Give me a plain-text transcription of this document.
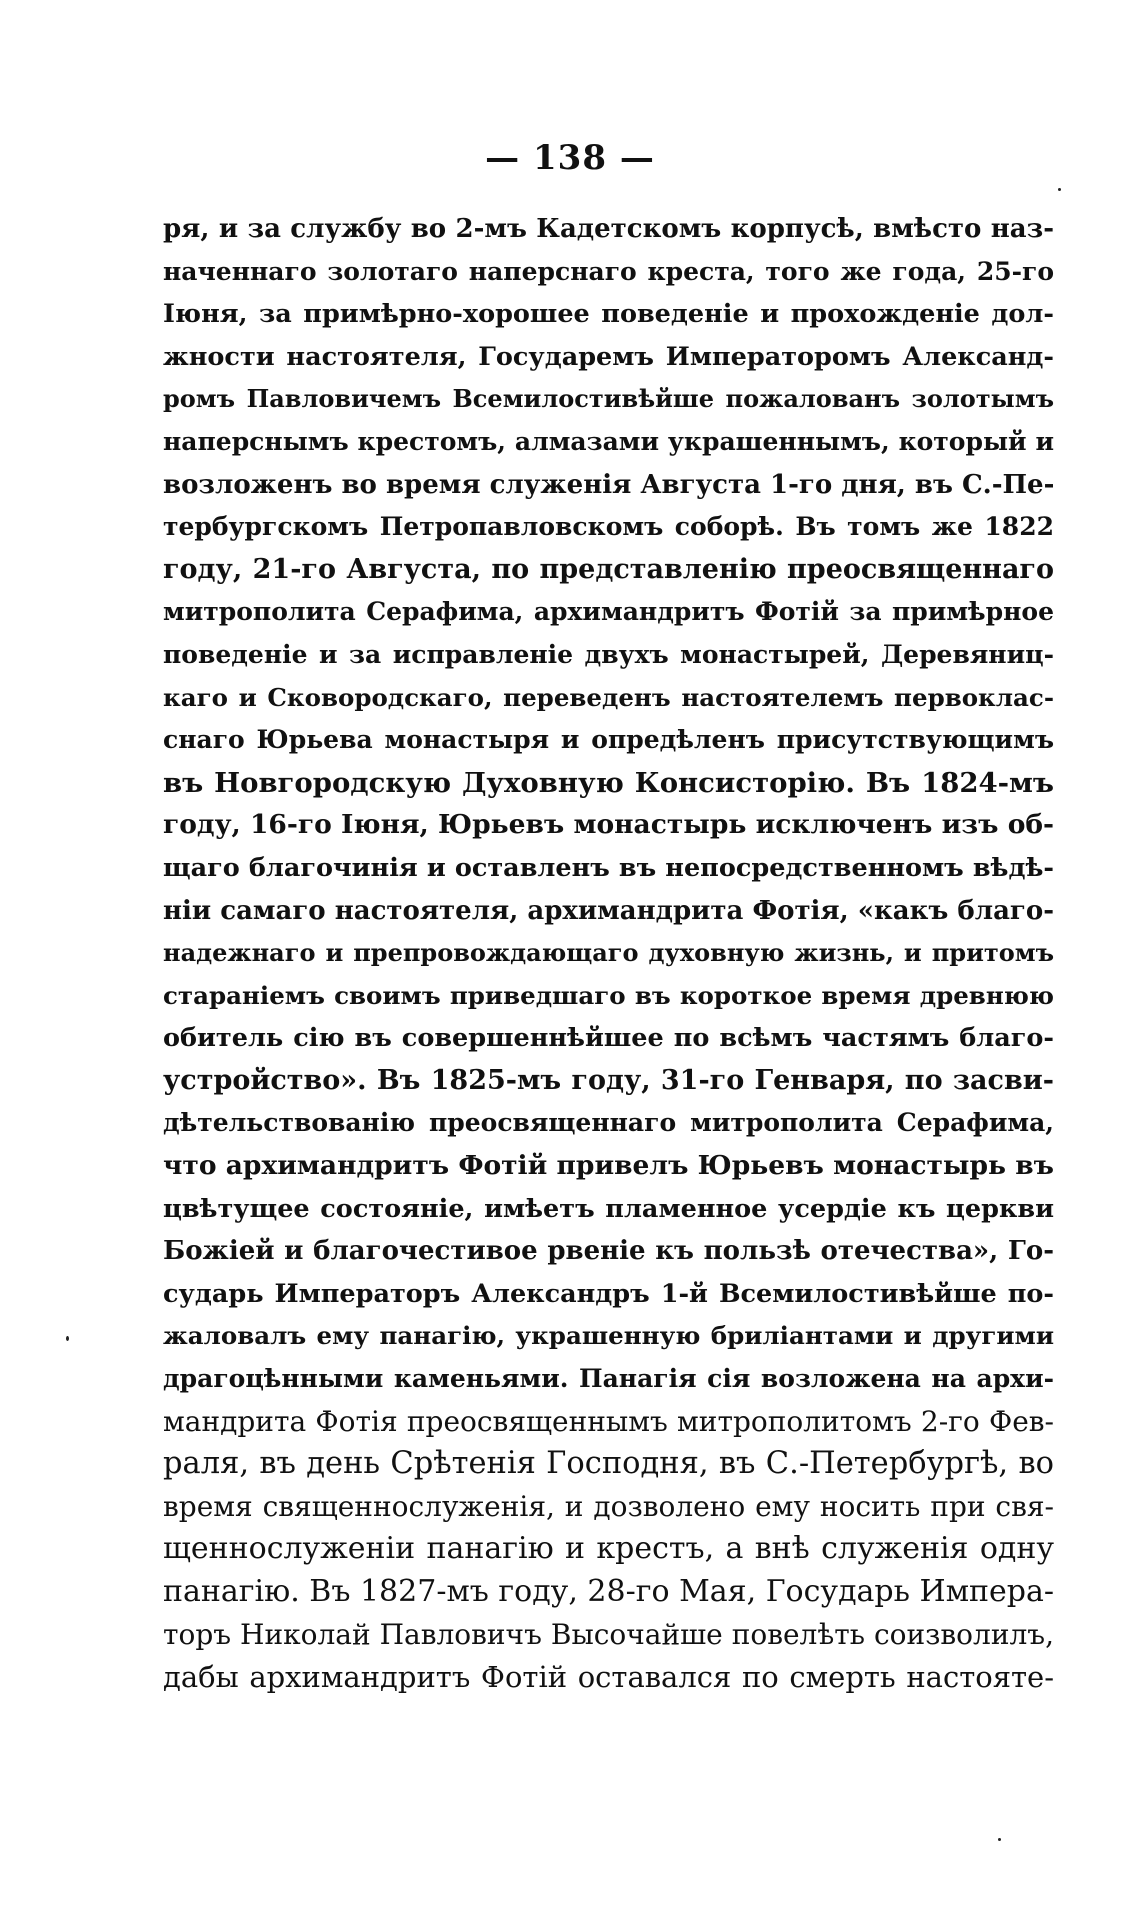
— 138 —
ря, и за службу во 2-мъ Кадетскомъ корпусѣ, вмѣсто наз-
наченнаго золотаго наперснаго креста, того же года, 25-го
Іюня, за примѣрно-хорошее поведеніе и прохожденіе дол-
жности настоятеля, Государемъ Императоромъ Александ-
ромъ Павловичемъ Всемилостивѣйше пожалованъ золотымъ
наперснымъ крестомъ, алмазами украшеннымъ, который и
возложенъ во время служенія Августа 1-го дня, въ С.-Пе-
тербургскомъ Петропавловскомъ соборѣ. Въ томъ же 1822
году, 21-го Августа, по представленію преосвященнаго
митрополита Серафима, архимандритъ Фотій за примѣрное
поведеніе и за исправленіе двухъ монастырей, Деревяниц-
каго и Сковородскаго, переведенъ настоятелемъ первоклас-
снаго Юрьева монастыря и опредѣленъ присутствующимъ
въ Новгородскую Духовную Консисторію. Въ 1824-мъ
году, 16-го Іюня, Юрьевъ монастырь исключенъ изъ об-
щаго благочинія и оставленъ въ непосредственномъ вѣдѣ-
ніи самаго настоятеля, архимандрита Фотія, «какъ благо-
надежнаго и препровождающаго духовную жизнь, и притомъ
стараніемъ своимъ приведшаго въ короткое время древнюю
обитель сію въ совершеннѣйшее по всѣмъ частямъ благо-
устройство». Въ 1825-мъ году, 31-го Генваря, по засви-
дѣтельствованію преосвященнаго митрополита Серафима,
что архимандритъ Фотій привелъ Юрьевъ монастырь въ
цвѣтущее состояніе, имѣетъ пламенное усердіе къ церкви
Божіей и благочестивое рвеніе къ пользѣ отечества», Го-
сударь Императоръ Александръ 1-й Всемилостивѣйше по-
жаловалъ ему панагію, украшенную бриліантами и другими
драгоцѣнными каменьями. Панагія сія возложена на архи-
мандрита Фотія преосвященнымъ митрополитомъ 2-го Фев-
раля, въ день Срѣтенія Господня, въ С.-Петербургѣ, во
время священнослуженія, и дозволено ему носить при свя-
щеннослуженіи панагію и крестъ, а внѣ служенія одну
панагію. Въ 1827-мъ году, 28-го Мая, Государь Импера-
торъ Николай Павловичъ Высочайше повелѣть соизволилъ,
дабы архимандритъ Фотій оставался по смерть настояте-
